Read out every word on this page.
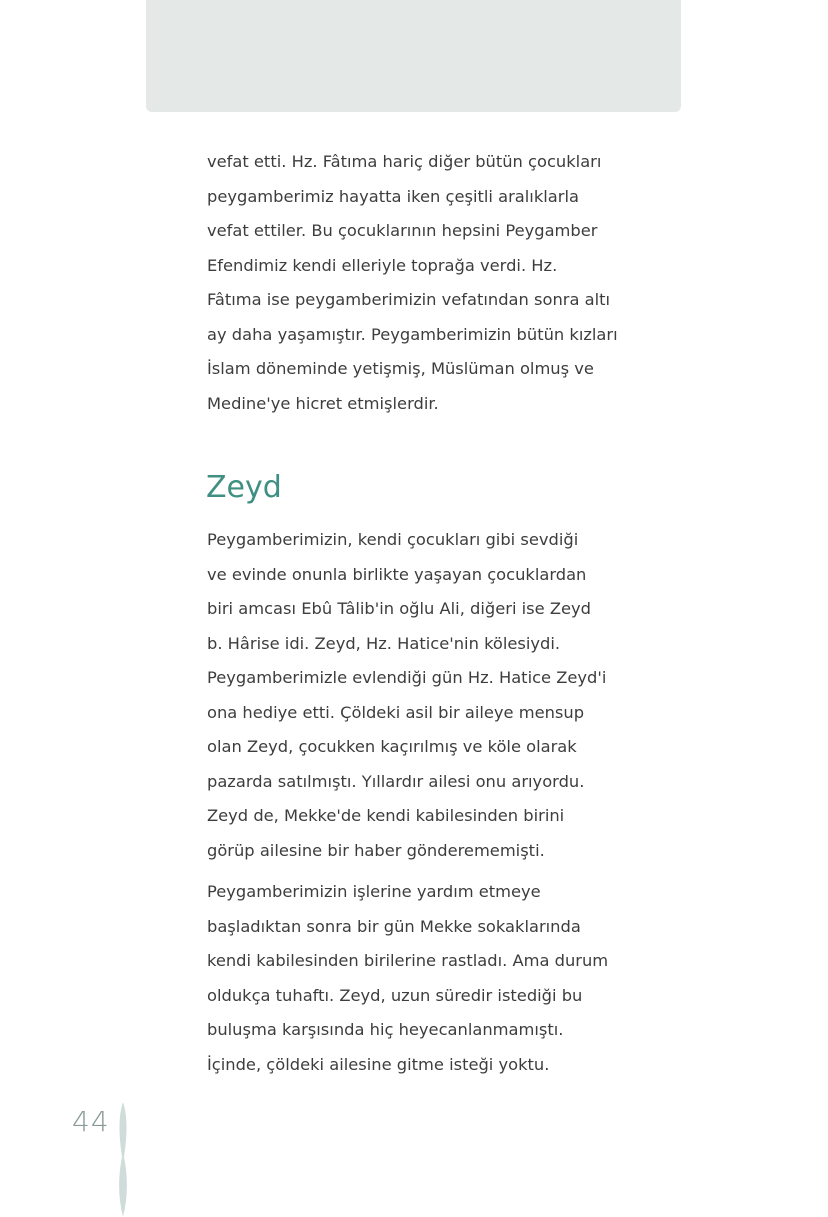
vefat etti. Hz. Fâtıma hariç diğer bütün çocukları
peygamberimiz hayatta iken çeşitli aralıklarla
vefat ettiler. Bu çocuklarının hepsini Peygamber
Efendimiz kendi elleriyle toprağa verdi. Hz.
Fâtıma ise peygamberimizin vefatından sonra altı
ay daha yaşamıştır. Peygamberimizin bütün kızları
İslam döneminde yetişmiş, Müslüman olmuş ve
Medine'ye hicret etmişlerdir.
Zeyd
Peygamberimizin, kendi çocukları gibi sevdiği
ve evinde onunla birlikte yaşayan çocuklardan
biri amcası Ebû Tâlib'in oğlu Ali, diğeri ise Zeyd
b. Hârise idi. Zeyd, Hz. Hatice'nin kölesiydi.
Peygamberimizle evlendiği gün Hz. Hatice Zeyd'i
ona hediye etti. Çöldeki asil bir aileye mensup
olan Zeyd, çocukken kaçırılmış ve köle olarak
pazarda satılmıştı. Yıllardır ailesi onu arıyordu.
Zeyd de, Mekke'de kendi kabilesinden birini
görüp ailesine bir haber gönderememişti.
Peygamberimizin işlerine yardım etmeye
başladıktan sonra bir gün Mekke sokaklarında
kendi kabilesinden birilerine rastladı. Ama durum
oldukça tuhaftı. Zeyd, uzun süredir istediği bu
buluşma karşısında hiç heyecanlanmamıştı.
İçinde, çöldeki ailesine gitme isteği yoktu.
44
